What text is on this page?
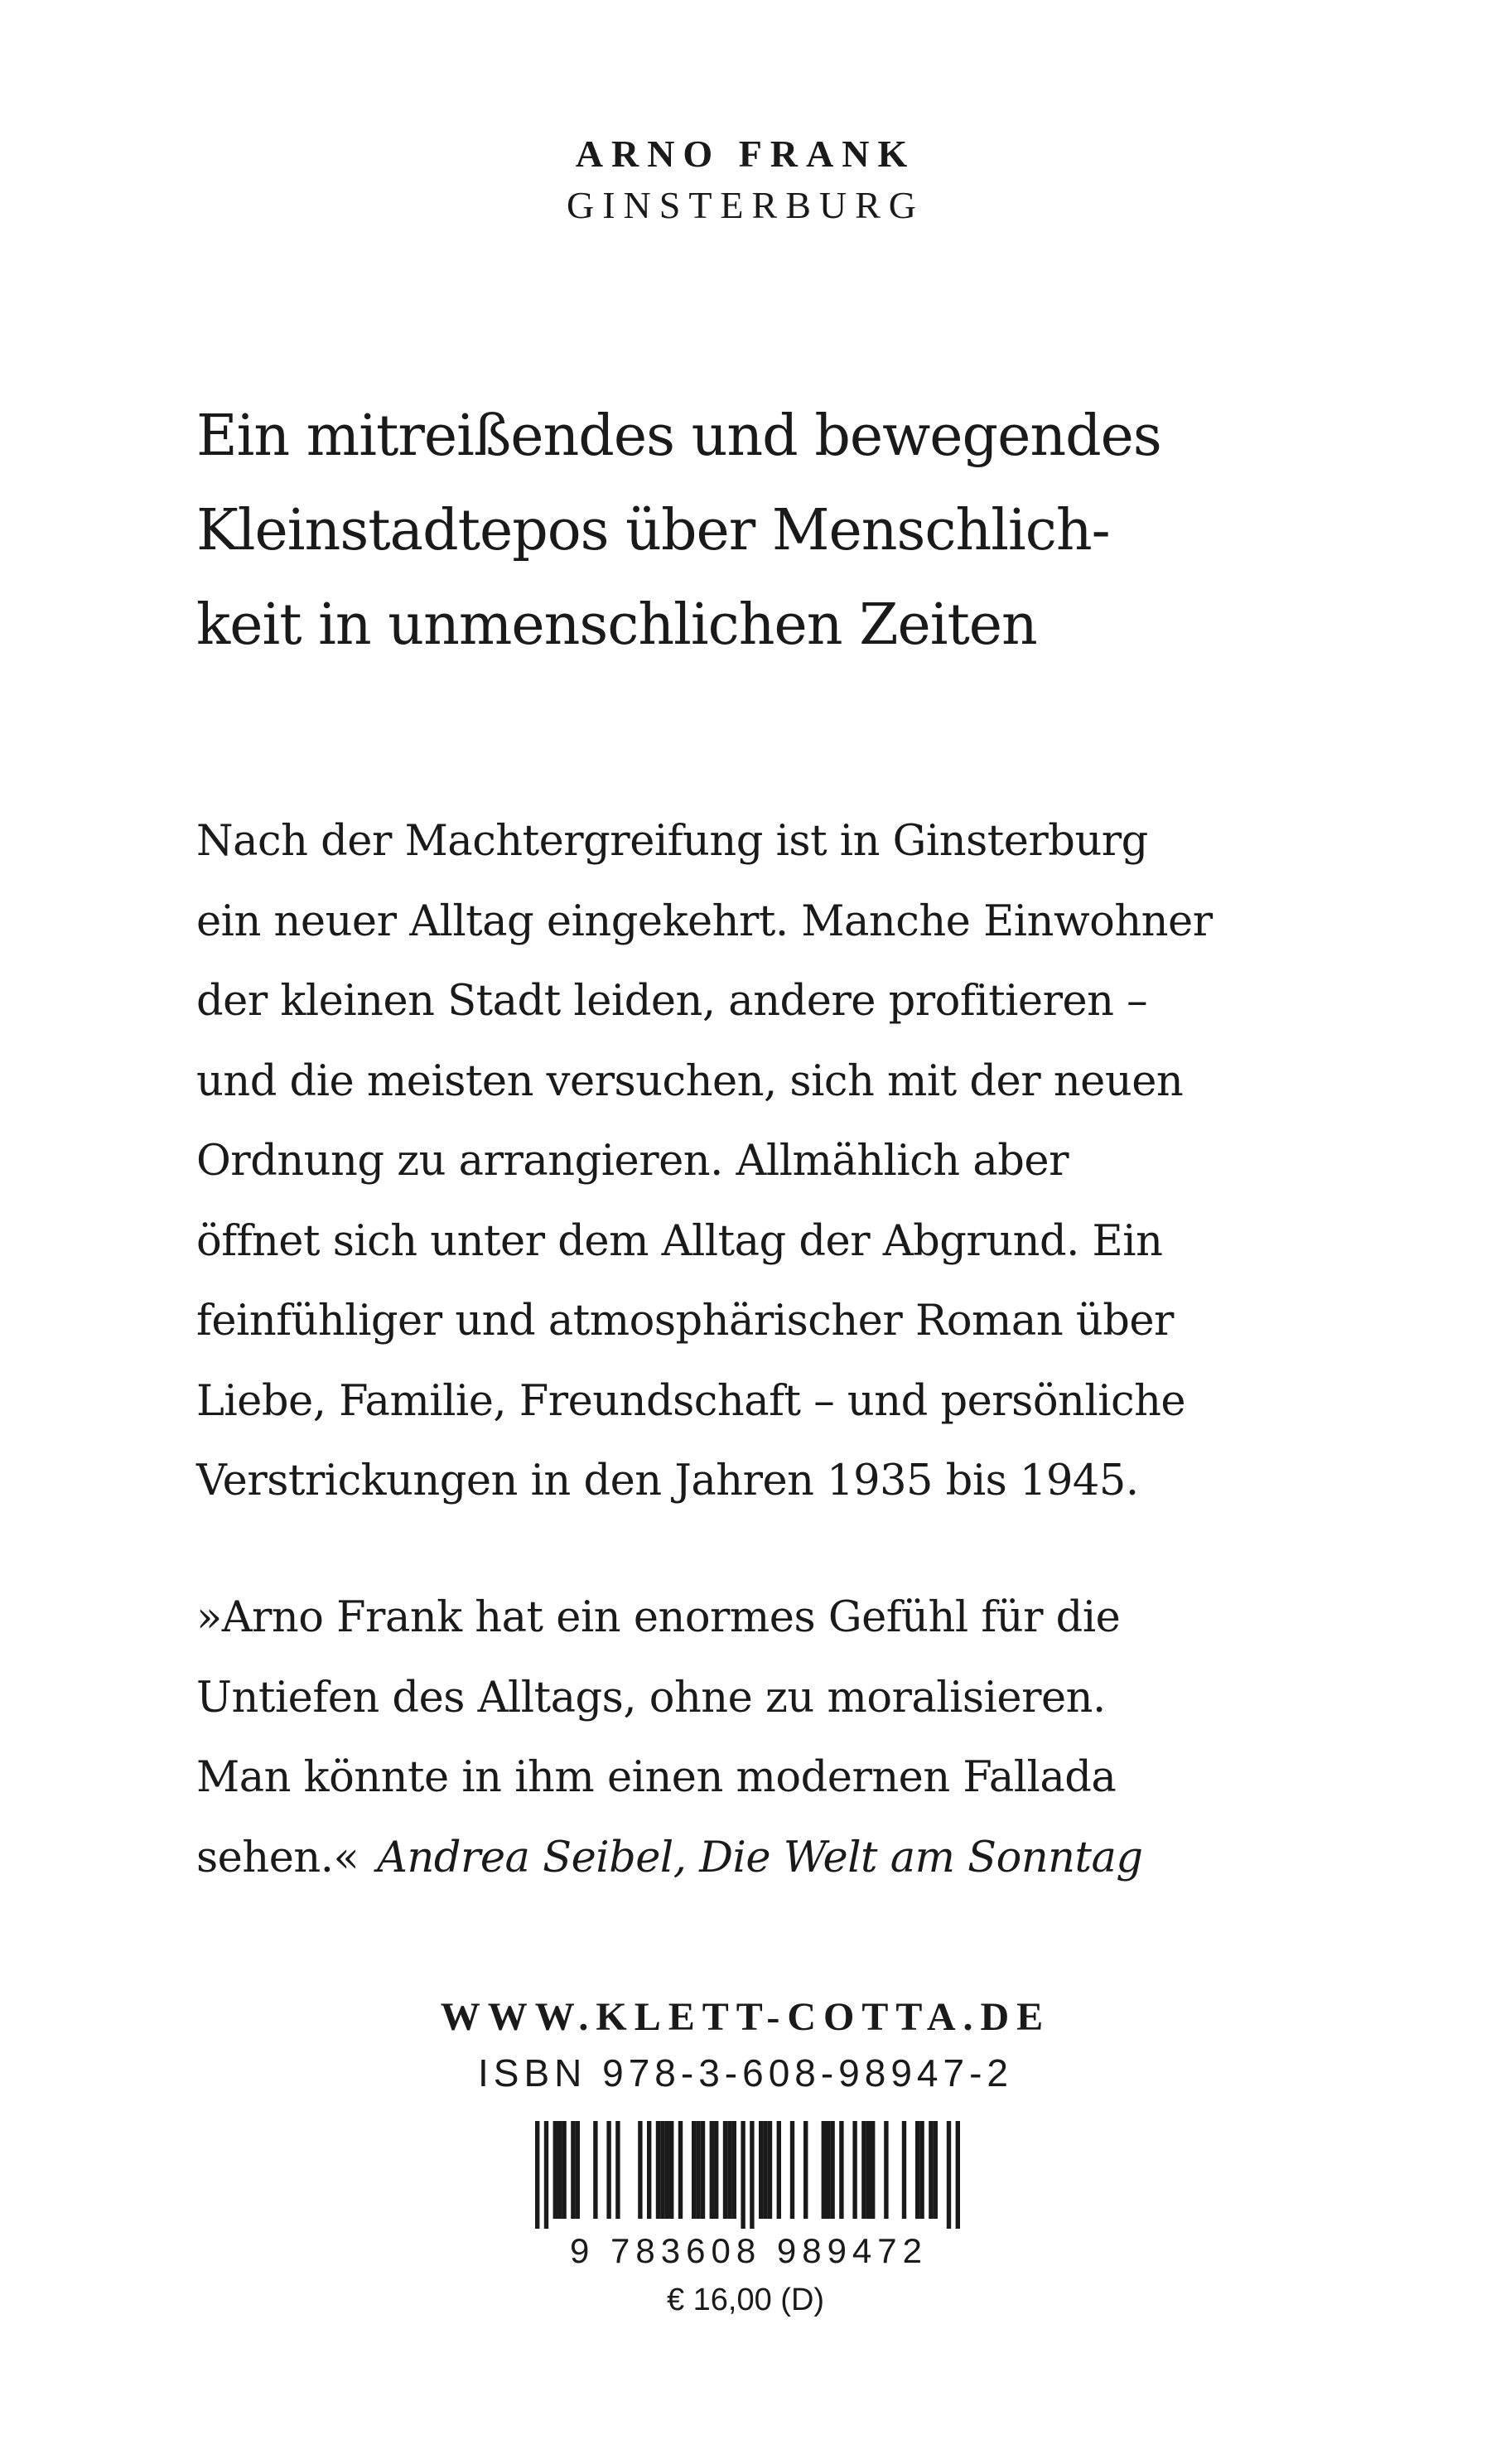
ARNO FRANK

GINSTERBURG

Ein mitreißendes und bewegendes
Kleinstadtepos über Menschlich-
keit in unmenschlichen Zeiten

Nach der Machtergreifung ist in Ginsterburg
ein neuer Alltag eingekehrt. Manche Einwohner
der kleinen Stadt leiden, andere profitieren –
und die meisten versuchen, sich mit der neuen
Ordnung zu arrangieren. Allmählich aber
öffnet sich unter dem Alltag der Abgrund. Ein
feinfühliger und atmosphärischer Roman über
Liebe, Familie, Freundschaft – und persönliche
Verstrickungen in den Jahren 1935 bis 1945.

»Arno Frank hat ein enormes Gefühl für die
Untiefen des Alltags, ohne zu moralisieren.
Man könnte in ihm einen modernen Fallada
sehen.« Andrea Seibel, Die Welt am Sonntag

WWW.KLETT-COTTA.DE
ISBN 978-3-608-98947-2
9 783608 989472
€ 16,00 (D)
